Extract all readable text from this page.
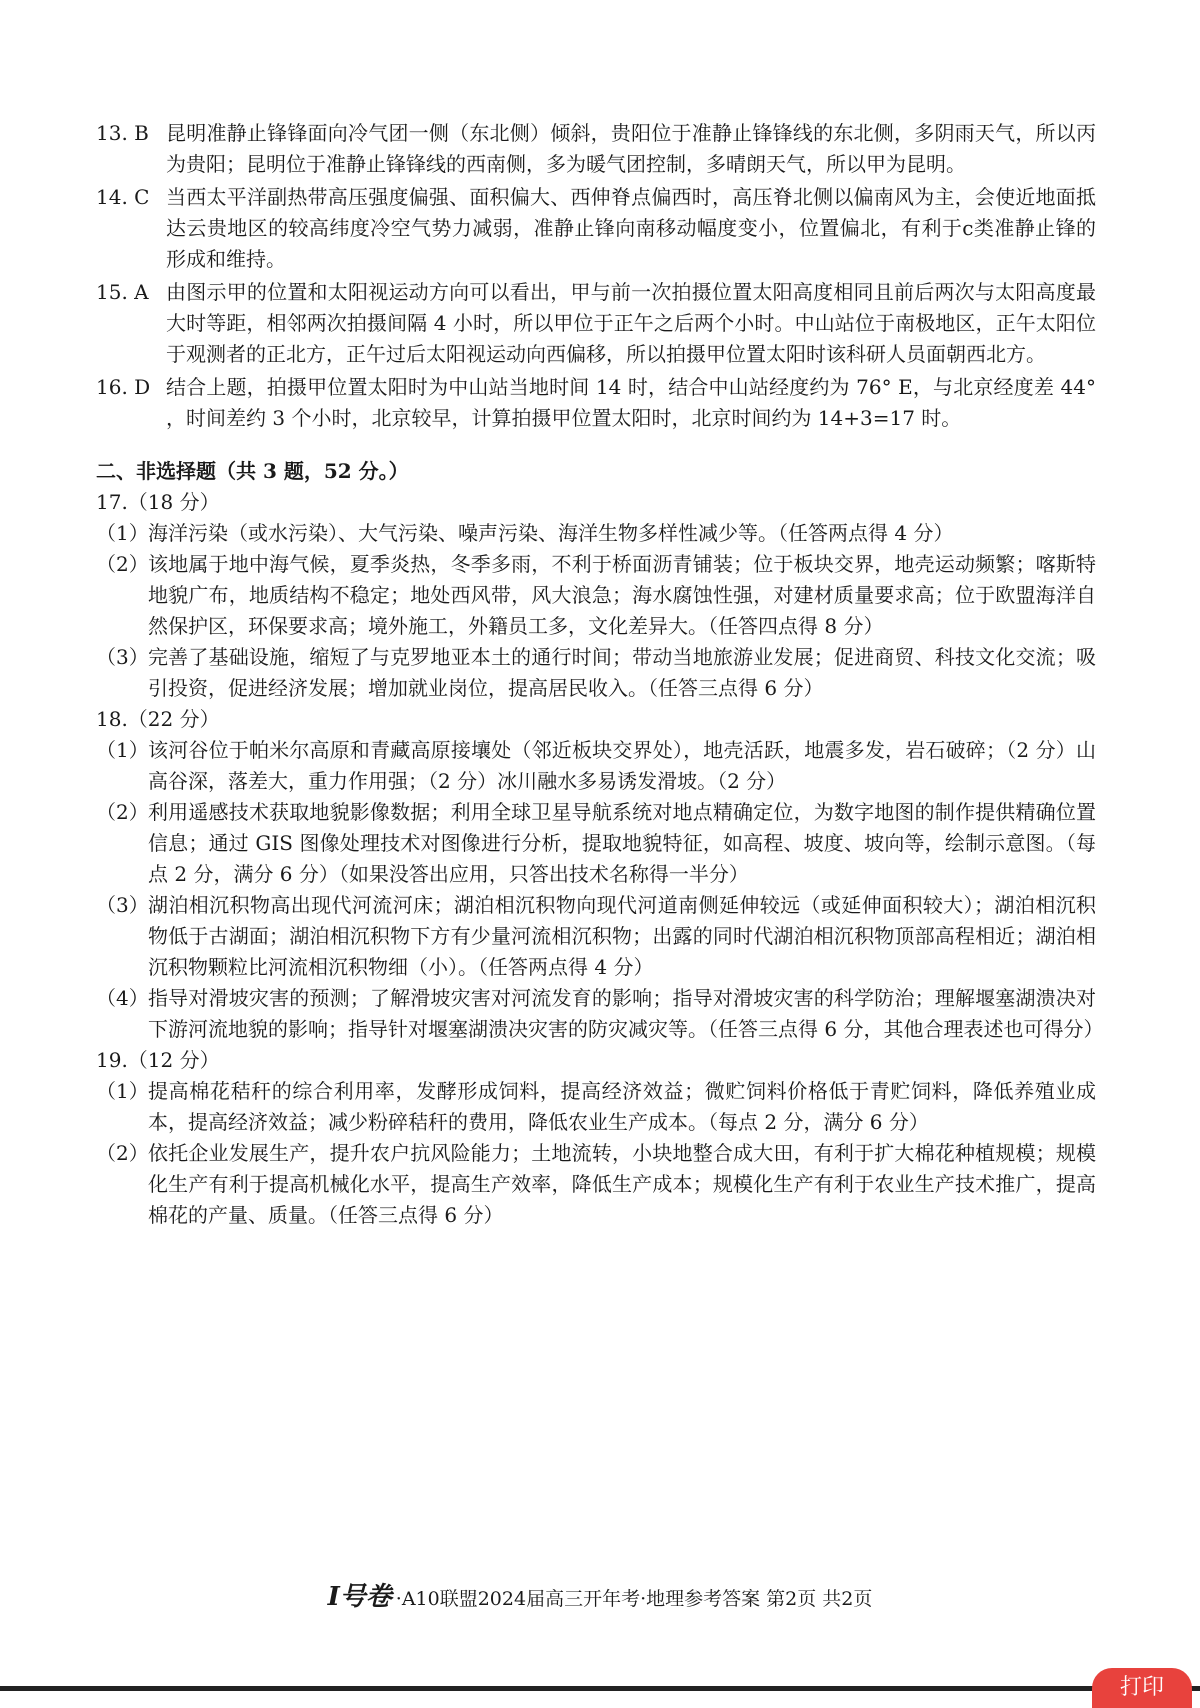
13. B 昆明准静止锋锋面向冷气团一侧（东北侧）倾斜，贵阳位于准静止锋锋线的东北侧，多阴雨天气，所以丙为贵阳；昆明位于准静止锋锋线的西南侧，多为暖气团控制，多晴朗天气，所以甲为昆明。
14. C 当西太平洋副热带高压强度偏强、面积偏大、西伸脊点偏西时，高压脊北侧以偏南风为主，会使近地面抵达云贵地区的较高纬度冷空气势力减弱，准静止锋向南移动幅度变小，位置偏北，有利于c类准静止锋的形成和维持。
15. A 由图示甲的位置和太阳视运动方向可以看出，甲与前一次拍摄位置太阳高度相同且前后两次与太阳高度最大时等距，相邻两次拍摄间隔 4 小时，所以甲位于正午之后两个小时。中山站位于南极地区，正午太阳位于观测者的正北方，正午过后太阳视运动向西偏移，所以拍摄甲位置太阳时该科研人员面朝西北方。
16. D 结合上题，拍摄甲位置太阳时为中山站当地时间 14 时，结合中山站经度约为 76° E，与北京经度差 44° ，时间差约 3 个小时，北京较早，计算拍摄甲位置太阳时，北京时间约为 14+3=17 时。
二、非选择题（共 3 题，52 分。）
17.（18 分）
（1） 海洋污染（或水污染）、大气污染、噪声污染、海洋生物多样性减少等。（任答两点得 4 分）
（2） 该地属于地中海气候，夏季炎热，冬季多雨，不利于桥面沥青铺装；位于板块交界，地壳运动频繁；喀斯特地貌广布，地质结构不稳定；地处西风带，风大浪急；海水腐蚀性强，对建材质量要求高；位于欧盟海洋自然保护区，环保要求高；境外施工，外籍员工多，文化差异大。（任答四点得 8 分）
（3） 完善了基础设施，缩短了与克罗地亚本土的通行时间；带动当地旅游业发展；促进商贸、科技文化交流；吸引投资，促进经济发展；增加就业岗位，提高居民收入。（任答三点得 6 分）
18.（22 分）
（1） 该河谷位于帕米尔高原和青藏高原接壤处（邻近板块交界处），地壳活跃，地震多发，岩石破碎；（2 分）山高谷深，落差大，重力作用强；（2 分）冰川融水多易诱发滑坡。（2 分）
（2） 利用遥感技术获取地貌影像数据；利用全球卫星导航系统对地点精确定位，为数字地图的制作提供精确位置信息；通过 GIS 图像处理技术对图像进行分析，提取地貌特征，如高程、坡度、坡向等，绘制示意图。（每点 2 分，满分 6 分）（如果没答出应用，只答出技术名称得一半分）
（3） 湖泊相沉积物高出现代河流河床；湖泊相沉积物向现代河道南侧延伸较远（或延伸面积较大）；湖泊相沉积物低于古湖面；湖泊相沉积物下方有少量河流相沉积物；出露的同时代湖泊相沉积物顶部高程相近；湖泊相沉积物颗粒比河流相沉积物细（小）。（任答两点得 4 分）
（4） 指导对滑坡灾害的预测；了解滑坡灾害对河流发育的影响；指导对滑坡灾害的科学防治；理解堰塞湖溃决对下游河流地貌的影响；指导针对堰塞湖溃决灾害的防灾减灾等。（任答三点得 6 分，其他合理表述也可得分）
19.（12 分）
（1） 提高棉花秸秆的综合利用率，发酵形成饲料，提高经济效益；微贮饲料价格低于青贮饲料，降低养殖业成本，提高经济效益；减少粉碎秸秆的费用，降低农业生产成本。（每点 2 分，满分 6 分）
（2） 依托企业发展生产，提升农户抗风险能力；土地流转，小块地整合成大田，有利于扩大棉花种植规模；规模化生产有利于提高机械化水平，提高生产效率，降低生产成本；规模化生产有利于农业生产技术推广，提高棉花的产量、质量。（任答三点得 6 分）
Ⅰ号卷 ·A10联盟2024届高三开年考·地理参考答案 第2页 共2页
打印
